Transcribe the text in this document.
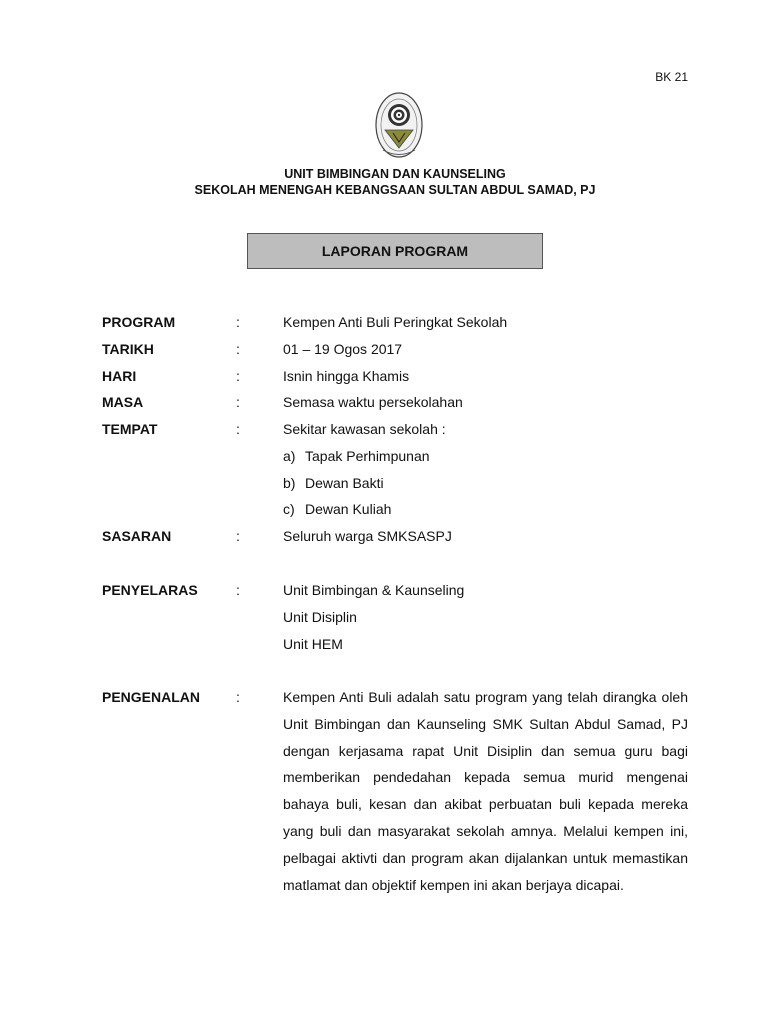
BK 21
UNIT BIMBINGAN DAN KAUNSELING
SEKOLAH MENENGAH KEBANGSAAN SULTAN ABDUL SAMAD, PJ
LAPORAN PROGRAM
PROGRAM	:	Kempen Anti Buli Peringkat Sekolah
TARIKH	:	01 – 19 Ogos 2017
HARI	:	Isnin hingga Khamis
MASA	:	Semasa waktu persekolahan
TEMPAT	:	Sekitar kawasan sekolah :
a) Tapak Perhimpunan
b) Dewan Bakti
c) Dewan Kuliah
SASARAN	:	Seluruh warga SMKSASPJ
PENYELARAS	:	Unit Bimbingan & Kaunseling
Unit Disiplin
Unit HEM
PENGENALAN	:	Kempen Anti Buli adalah satu program yang telah dirangka oleh Unit Bimbingan dan Kaunseling SMK Sultan Abdul Samad, PJ dengan kerjasama rapat Unit Disiplin dan semua guru bagi memberikan pendedahan kepada semua murid mengenai bahaya buli, kesan dan akibat perbuatan buli kepada mereka yang buli dan masyarakat sekolah amnya. Melalui kempen ini, pelbagai aktivti dan program akan dijalankan untuk memastikan matlamat dan objektif kempen ini akan berjaya dicapai.
